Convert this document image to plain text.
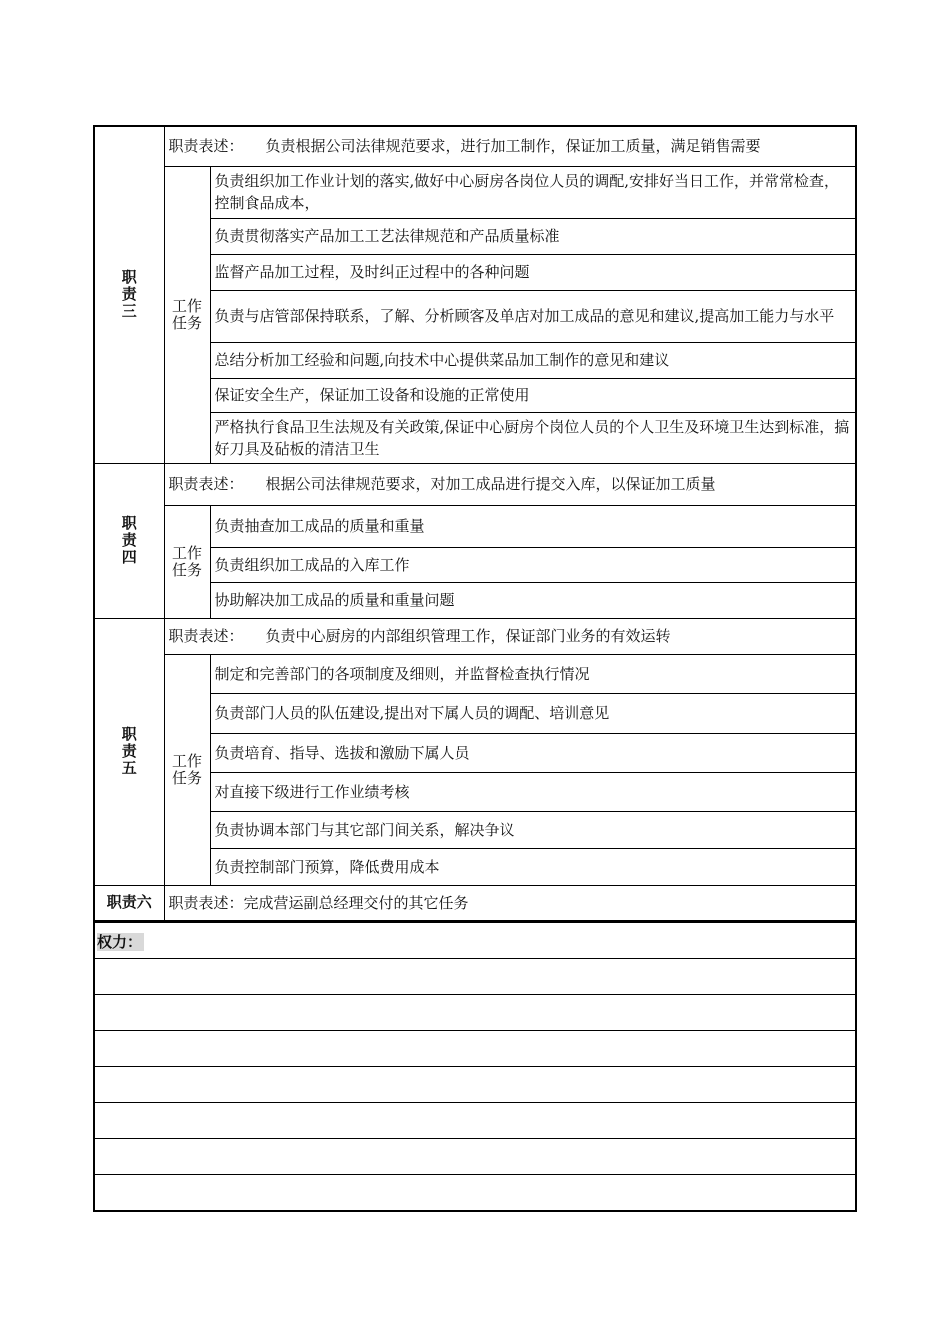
职责三	职责表述： 负责根据公司法律规范要求，进行加工制作，保证加工质量，满足销售需要	

	工作任务	负责组织加工作业计划的落实,做好中心厨房各岗位人员的调配,安排好当日工作，并常常检查，控制食品成本，
		负责贯彻落实产品加工工艺法律规范和产品质量标准
		监督产品加工过程，及时纠正过程中的各种问题
		负责与店管部保持联系，了解、分析顾客及单店对加工成品的意见和建议,提高加工能力与水平
		总结分析加工经验和问题,向技术中心提供菜品加工制作的意见和建议
		保证安全生产，保证加工设备和设施的正常使用
		严格执行食品卫生法规及有关政策,保证中心厨房个岗位人员的个人卫生及环境卫生达到标准，搞好刀具及砧板的清洁卫生

职责四	职责表述： 根据公司法律规范要求，对加工成品进行提交入库，以保证加工质量	

	工作任务	负责抽查加工成品的质量和重量
		负责组织加工成品的入库工作
		协助解决加工成品的质量和重量问题

职责五	职责表述： 负责中心厨房的内部组织管理工作，保证部门业务的有效运转	

	工作任务	制定和完善部门的各项制度及细则，并监督检查执行情况
		负责部门人员的队伍建设,提出对下属人员的调配、培训意见
		负责培育、指导、选拔和激励下属人员
		对直接下级进行工作业绩考核
		负责协调本部门与其它部门间关系，解决争议
		负责控制部门预算，降低费用成本
职责六	职责表述：完成营运副总经理交付的其它任务	
权力：
